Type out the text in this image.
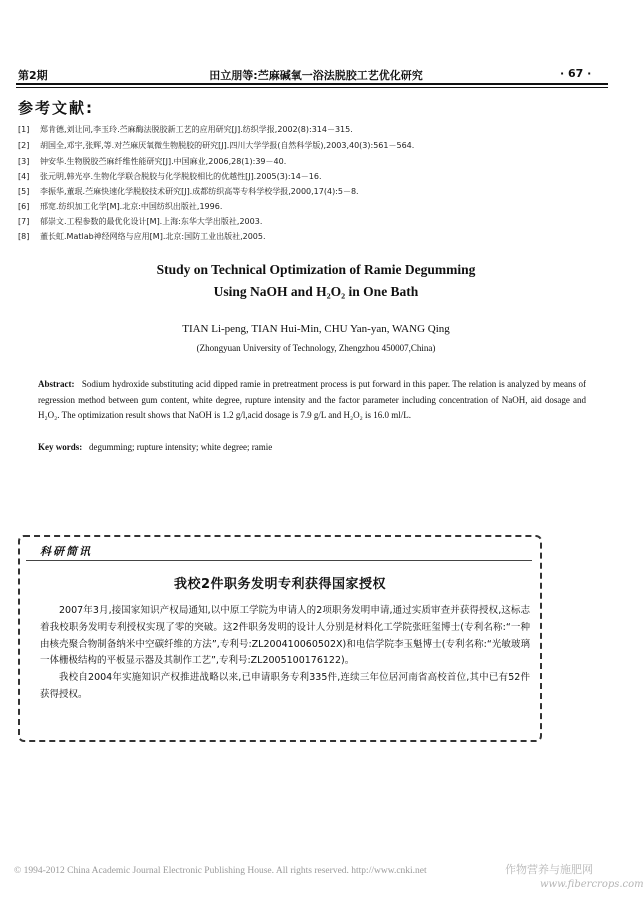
第2期	田立朋等:苎麻碱氧一浴法脱胶工艺优化研究	· 67 ·
参考文献:
[1] 郑肯德,刘让同,李玉玲.苎麻酶法脱胶新工艺的应用研究[J].纺织学报,2002(8):314－315.
[2] 胡国全,邓宇,张辉,等.对苎麻厌氧微生物脱胶的研究[J].四川大学学报(自然科学版),2003,40(3):561－564.
[3] 钟安华.生物脱胶苎麻纤维性能研究[J].中国麻业,2006,28(1):39－40.
[4] 张元明,韩光亭.生物化学联合脱胶与化学脱胶相比的优越性[J].2005(3):14－16.
[5] 李振华,董珉.苎麻快速化学脱胶技术研究[J].成都纺织高等专科学校学报,2000,17(4):5－8.
[6] 邢宽.纺织加工化学[M].北京:中国纺织出版社,1996.
[7] 郁崇文.工程参数的最优化设计[M].上海:东华大学出版社,2003.
[8] 董长虹.Matlab神经网络与应用[M].北京:国防工业出版社,2005.
Study on Technical Optimization of Ramie Degumming
Using NaOH and H₂O₂ in One Bath
TIAN Li-peng, TIAN Hui-Min, CHU Yan-yan, WANG Qing
(Zhongyuan University of Technology, Zhengzhou 450007,China)
Abstract: Sodium hydroxide substituting acid dipped ramie in pretreatment process is put forward in this paper. The relation is analyzed by means of regression method between gum content, white degree, rupture intensity and the factor parameter including concentration of NaOH, aid dosage and H₂O₂. The optimization result shows that NaOH is 1.2 g/l,acid dosage is 7.9 g/L and H₂O₂ is 16.0 ml/L.
Key words: degumming; rupture intensity; white degree; ramie
科研简讯
我校2件职务发明专利获得国家授权

2007年3月,接国家知识产权局通知,以中原工学院为申请人的2项职务发明申请,通过实质审查并获得授权,这标志着我校职务发明专利授权实现了零的突破。这2件职务发明的设计人分别是材料化工学院张旺玺博士(专利名称:“一种由核壳聚合物制备纳米中空碳纤维的方法”,专利号:ZL200410060502X)和电信学院李玉魁博士(专利名称:“光敏玻璃一体栅极结构的平板显示器及其制作工艺”,专利号:ZL2005100176122)。

我校自2004年实施知识产权推进战略以来,已申请职务专利335件,连续三年位居河南省高校首位,其中已有52件获得授权。

© 1994-2012 China Academic Journal Electronic Publishing House. All rights reserved. http://www.cnki.net	作物营养与施肥网
www.fibercrops.com
